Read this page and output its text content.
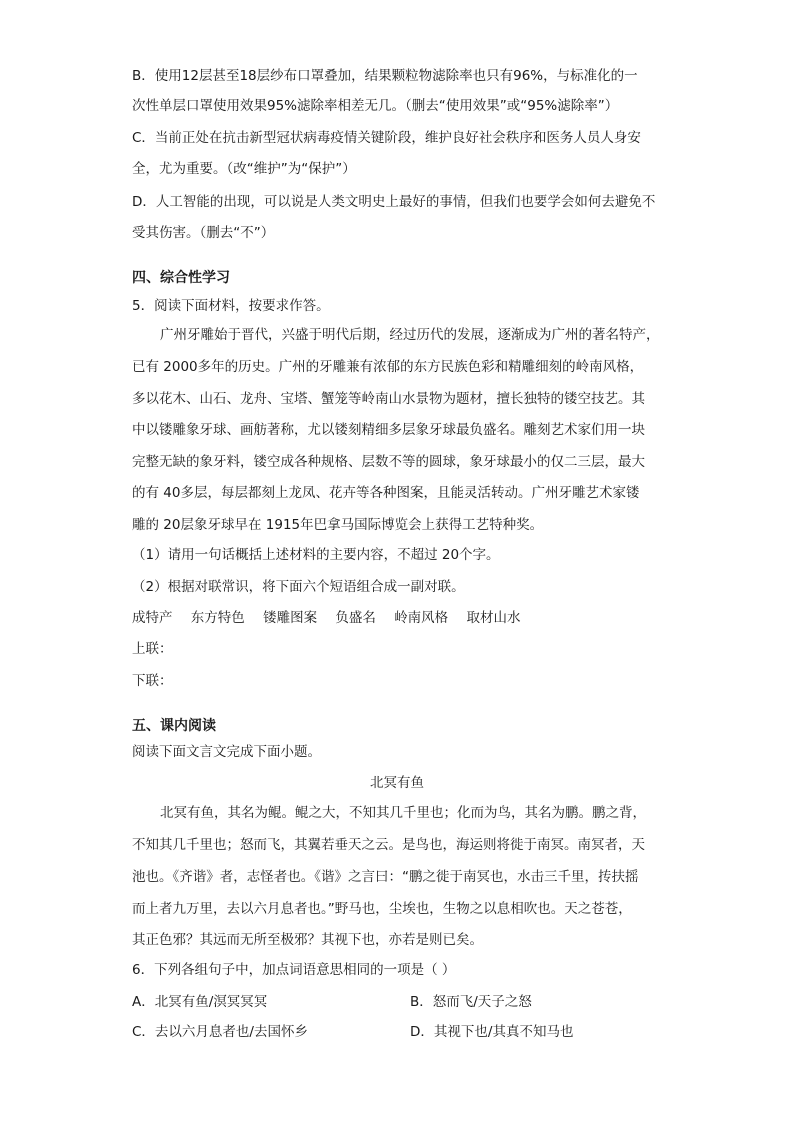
B．使用12层甚至18层纱布口罩叠加，结果颗粒物滤除率也只有96%，与标准化的一
次性单层口罩使用效果95%滤除率相差无几。（删去“使用效果”或“95%滤除率”）
C．当前正处在抗击新型冠状病毒疫情关键阶段，维护良好社会秩序和医务人员人身安
全，尤为重要。（改“维护”为“保护”）
D．人工智能的出现，可以说是人类文明史上最好的事情，但我们也要学会如何去避免不
受其伤害。（删去“不”）
四、综合性学习
5．阅读下面材料，按要求作答。
广州牙雕始于晋代，兴盛于明代后期，经过历代的发展，逐渐成为广州的著名特产，
已有 2000多年的历史。广州的牙雕兼有浓郁的东方民族色彩和精雕细刻的岭南风格，
多以花木、山石、龙舟、宝塔、蟹笼等岭南山水景物为题材，擅长独特的镂空技艺。其
中以镂雕象牙球、画舫著称，尤以镂刻精细多层象牙球最负盛名。雕刻艺术家们用一块
完整无缺的象牙料，镂空成各种规格、层数不等的圆球，象牙球最小的仅二三层，最大
的有 40多层，每层都刻上龙凤、花卉等各种图案，且能灵活转动。广州牙雕艺术家镂
雕的 20层象牙球早在 1915年巴拿马国际博览会上获得工艺特种奖。
（1）请用一句话概括上述材料的主要内容，不超过 20个字。
（2）根据对联常识，将下面六个短语组合成一副对联。
成特产 东方特色 镂雕图案 负盛名 岭南风格 取材山水
上联：
下联：
五、课内阅读
阅读下面文言文完成下面小题。
北冥有鱼
北冥有鱼，其名为鲲。鲲之大，不知其几千里也；化而为鸟，其名为鹏。鹏之背，
不知其几千里也；怒而飞，其翼若垂天之云。是鸟也，海运则将徙于南冥。南冥者，天
池也。《齐谐》者，志怪者也。《谐》之言曰：“鹏之徙于南冥也，水击三千里，抟扶摇
而上者九万里，去以六月息者也。”野马也，尘埃也，生物之以息相吹也。天之苍苍，
其正色邪？其远而无所至极邪？其视下也，亦若是则已矣。
6．下列各组句子中，加点词语意思相同的一项是（ ）
A．北冥有鱼/溟冥冥冥	B．怒而飞/天子之怒
C．去以六月息者也/去国怀乡	D．其视下也/其真不知马也
